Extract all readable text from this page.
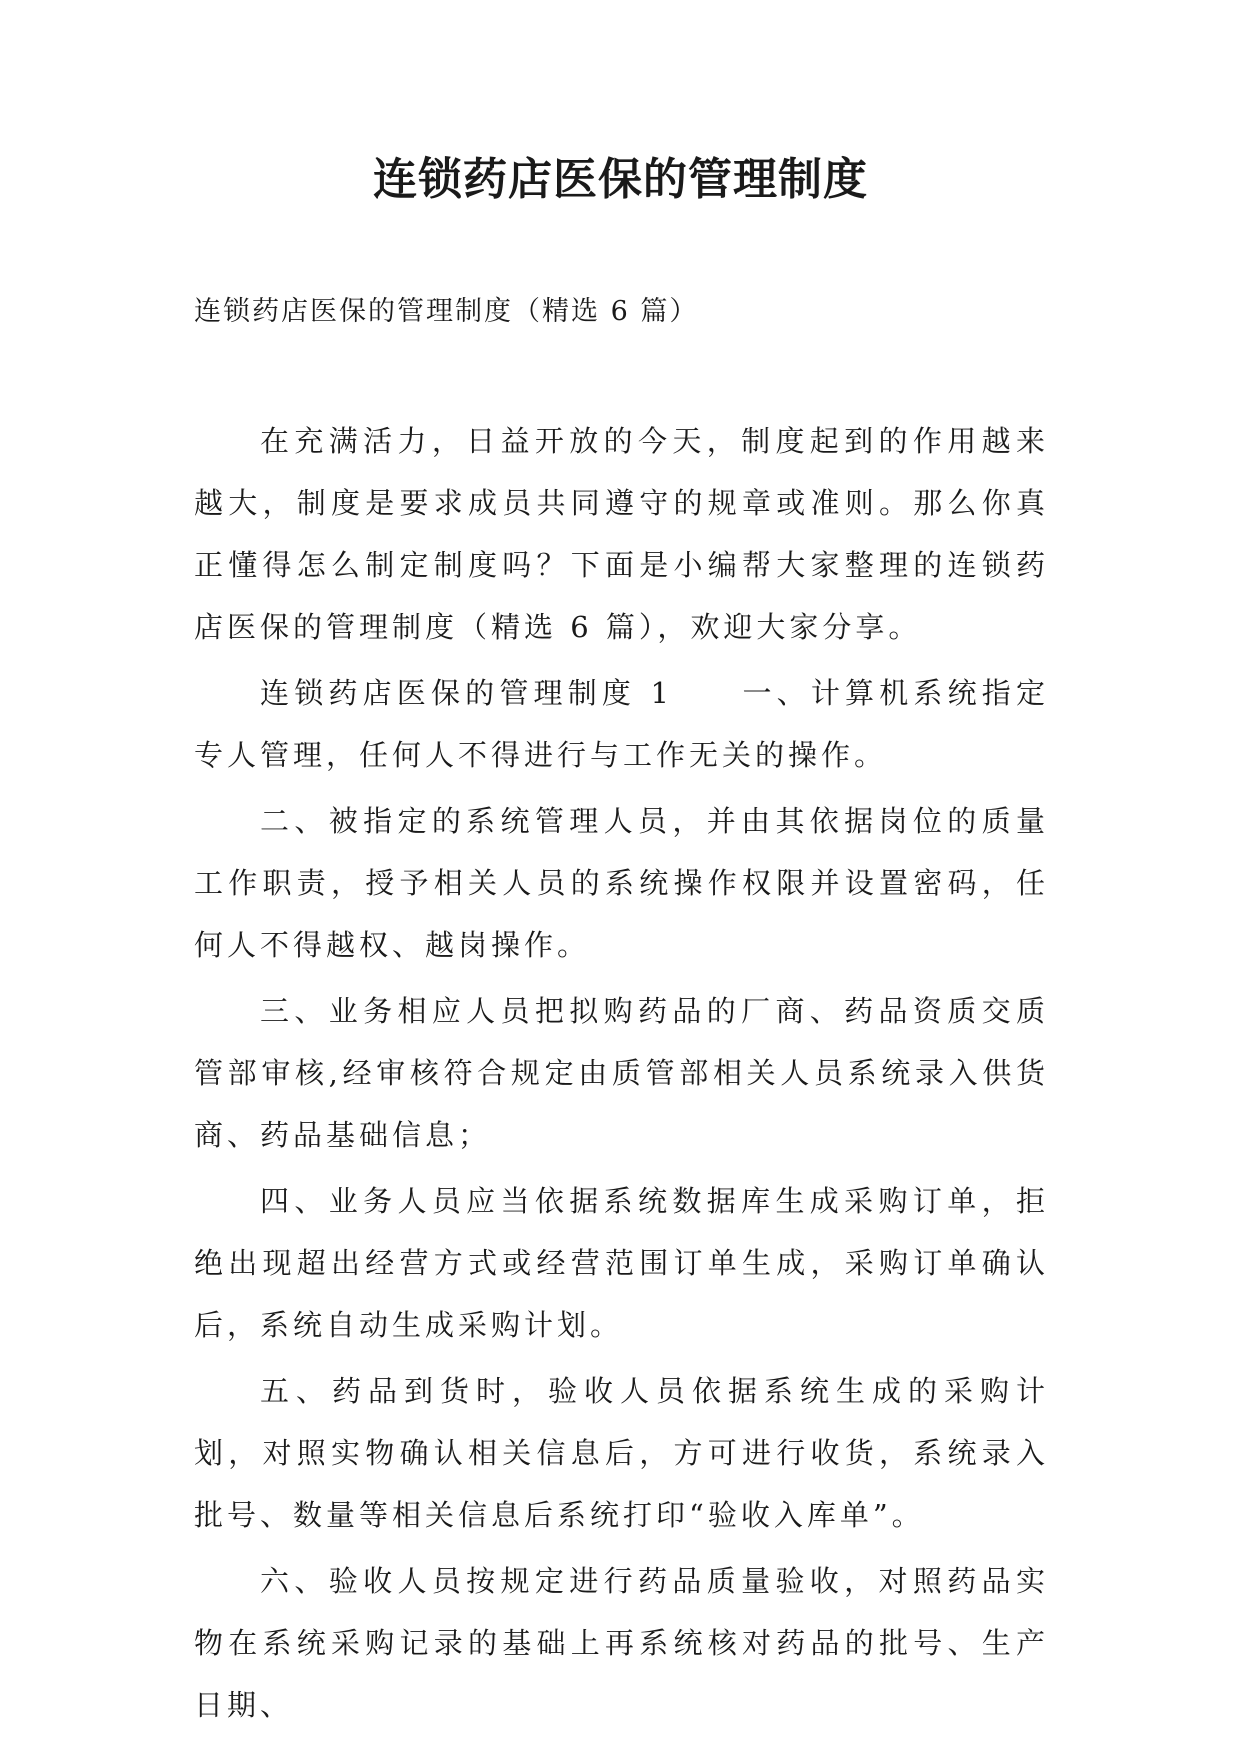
连锁药店医保的管理制度

连锁药店医保的管理制度（精选 6 篇）

在充满活力，日益开放的今天，制度起到的作用越来越大，制度是要求成员共同遵守的规章或准则。那么你真正懂得怎么制定制度吗？下面是小编帮大家整理的连锁药店医保的管理制度（精选 6 篇），欢迎大家分享。

连锁药店医保的管理制度 1　　一、计算机系统指定专人管理，任何人不得进行与工作无关的操作。

二、被指定的系统管理人员，并由其依据岗位的质量工作职责，授予相关人员的系统操作权限并设置密码，任何人不得越权、越岗操作。

三、业务相应人员把拟购药品的厂商、药品资质交质管部审核,经审核符合规定由质管部相关人员系统录入供货商、药品基础信息；

四、业务人员应当依据系统数据库生成采购订单，拒绝出现超出经营方式或经营范围订单生成，采购订单确认后，系统自动生成采购计划。

五、药品到货时，验收人员依据系统生成的采购计划，对照实物确认相关信息后，方可进行收货，系统录入批号、数量等相关信息后系统打印“验收入库单”。

六、验收人员按规定进行药品质量验收，对照药品实物在系统采购记录的基础上再系统核对药品的批号、生产日期、
